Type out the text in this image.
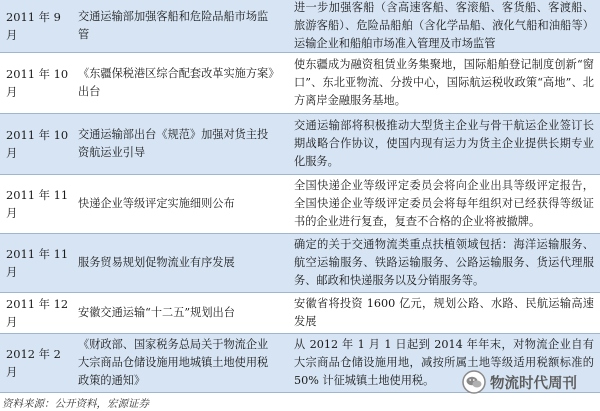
2011 年 9 月
交通运输部加强客船和危险品船市场监管
进一步加强客船（含高速客船、客滚船、客货船、客渡船、旅游客船）、危险品船舶（含化学品船、液化气船和油船等）运输企业和船舶市场准入管理及市场监管
2011 年 10 月
《东疆保税港区综合配套改革实施方案》出台
使东疆成为融资租赁业务集聚地，国际船舶登记制度创新“窗口”、东北亚物流、分拨中心，国际航运税收政策“高地”、北方离岸金融服务基地。
2011 年 10 月
交通运输部出台《规范》加强对货主投资航运业引导
交通运输部将积极推动大型货主企业与骨干航运企业签订长期战略合作协议，使国内现有运力为货主企业提供长期专业化服务。
2011 年 11 月
快递企业等级评定实施细则公布
全国快递企业等级评定委员会将向企业出具等级评定报告，全国快递企业等级评定委员会将每年组织对已经获得等级证书的企业进行复查，复查不合格的企业将被撤牌。
2011 年 11 月
服务贸易规划促物流业有序发展
确定的关于交通物流类重点扶植领域包括：海洋运输服务、航空运输服务、铁路运输服务、公路运输服务、货运代理服务、邮政和快递服务以及分销服务等。
2011 年 12 月
安徽交通运输“十二五”规划出台
安徽省将投资 1600 亿元，规划公路、水路、民航运输高速发展
2012 年 2 月
《财政部、国家税务总局关于物流企业大宗商品仓储设施用地城镇土地使用税政策的通知》
从 2012 年 1 月 1 日起到 2014 年年末，对物流企业自有大宗商品仓储设施用地，减按所属土地等级适用税额标准的 50% 计征城镇土地使用税。	物流时代周刊
资料来源：公开资料，宏源证券
